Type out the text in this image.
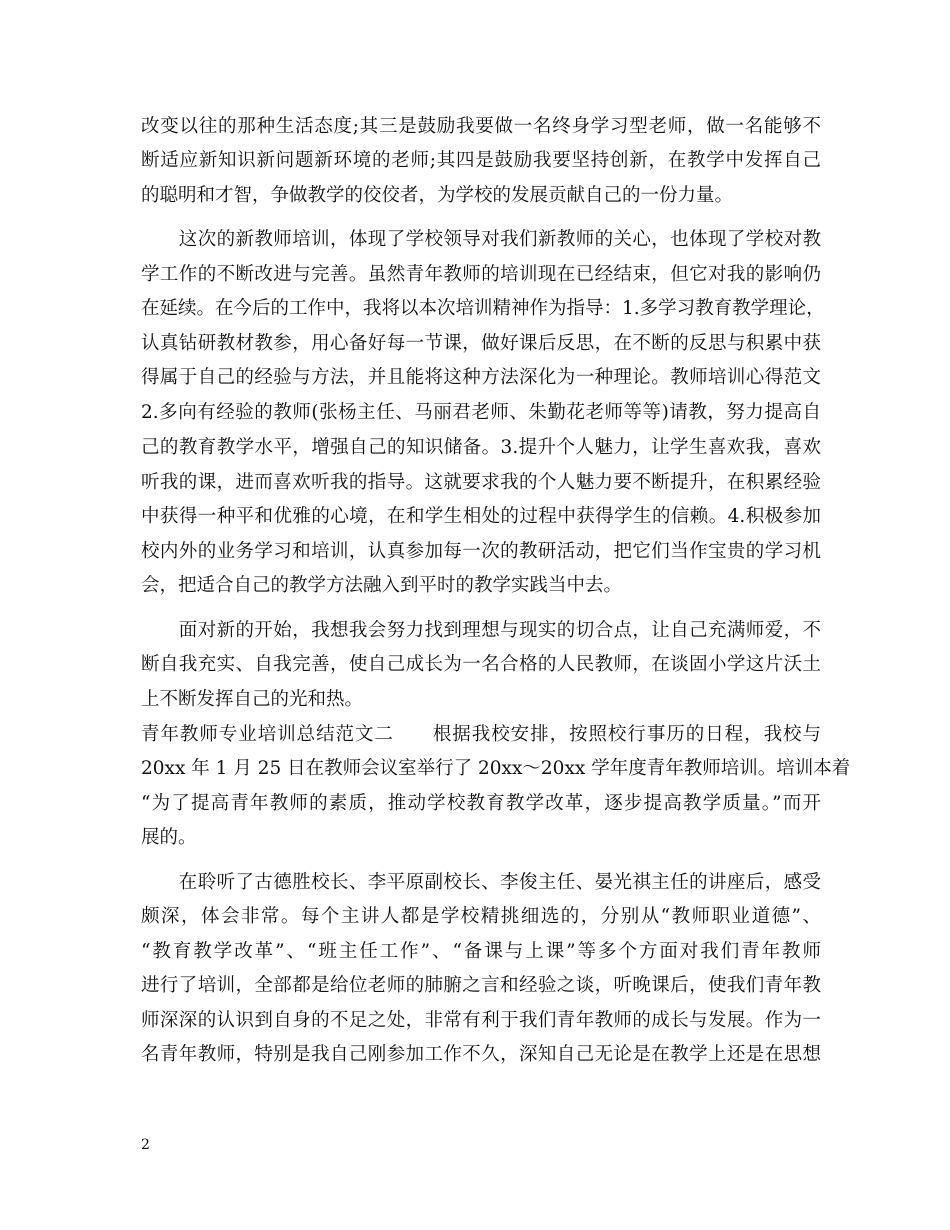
改变以往的那种生活态度;其三是鼓励我要做一名终身学习型老师，做一名能够不
断适应新知识新问题新环境的老师;其四是鼓励我要坚持创新，在教学中发挥自己
的聪明和才智，争做教学的佼佼者，为学校的发展贡献自己的一份力量。
　　这次的新教师培训，体现了学校领导对我们新教师的关心，也体现了学校对教
学工作的不断改进与完善。虽然青年教师的培训现在已经结束，但它对我的影响仍
在延续。在今后的工作中，我将以本次培训精神作为指导：1.多学习教育教学理论，
认真钻研教材教参，用心备好每一节课，做好课后反思，在不断的反思与积累中获
得属于自己的经验与方法，并且能将这种方法深化为一种理论。教师培训心得范文
2.多向有经验的教师(张杨主任、马丽君老师、朱勤花老师等等)请教，努力提高自
己的教育教学水平，增强自己的知识储备。3.提升个人魅力，让学生喜欢我，喜欢
听我的课，进而喜欢听我的指导。这就要求我的个人魅力要不断提升，在积累经验
中获得一种平和优雅的心境，在和学生相处的过程中获得学生的信赖。4.积极参加
校内外的业务学习和培训，认真参加每一次的教研活动，把它们当作宝贵的学习机
会，把适合自己的教学方法融入到平时的教学实践当中去。
　　面对新的开始，我想我会努力找到理想与现实的切合点，让自己充满师爱，不
断自我充实、自我完善，使自己成长为一名合格的人民教师，在谈固小学这片沃土
上不断发挥自己的光和热。
青年教师专业培训总结范文二　　根据我校安排，按照校行事历的日程，我校与
20xx 年 1 月 25 日在教师会议室举行了 20xx～20xx 学年度青年教师培训。培训本着
“为了提高青年教师的素质，推动学校教育教学改革，逐步提高教学质量。”而开
展的。
　　在聆听了古德胜校长、李平原副校长、李俊主任、晏光祺主任的讲座后，感受
颇深，体会非常。每个主讲人都是学校精挑细选的，分别从“教师职业道德”、
“教育教学改革”、“班主任工作”、“备课与上课”等多个方面对我们青年教师
进行了培训，全部都是给位老师的肺腑之言和经验之谈，听晚课后，使我们青年教
师深深的认识到自身的不足之处，非常有利于我们青年教师的成长与发展。作为一
名青年教师，特别是我自己刚参加工作不久，深知自己无论是在教学上还是在思想
2
